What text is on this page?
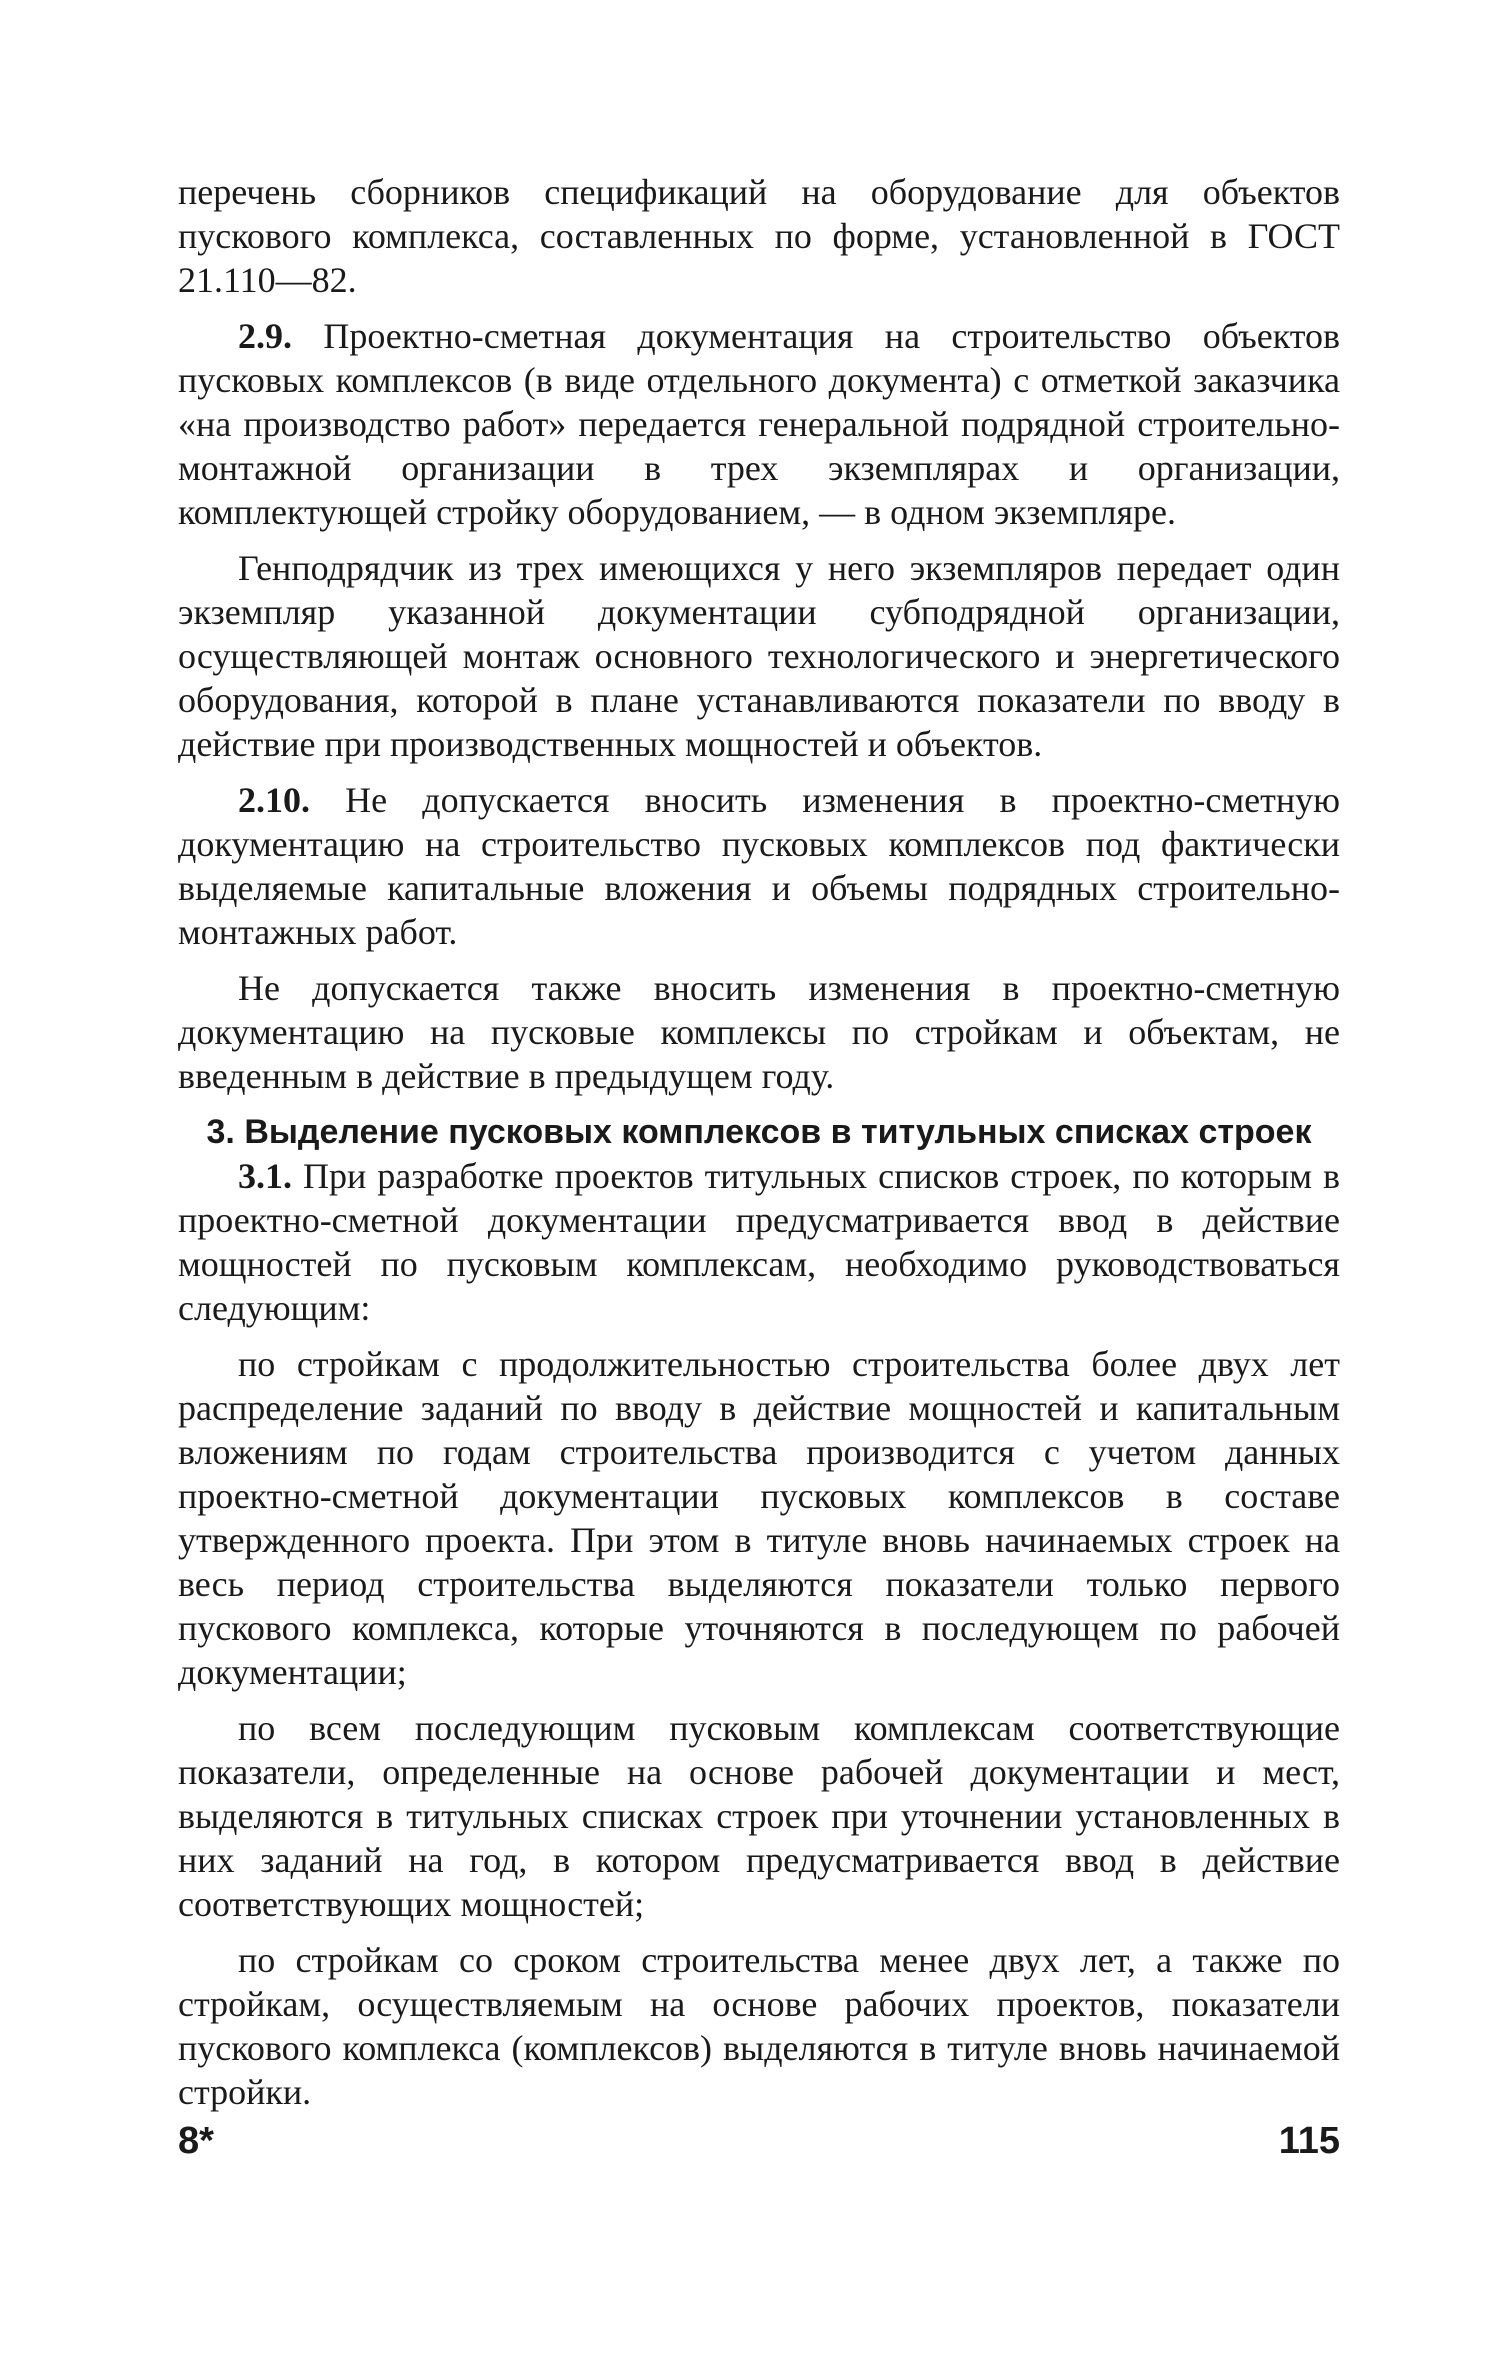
перечень сборников спецификаций на оборудование для объектов пускового комплекса, составленных по форме, установленной в ГОСТ 21.110—82.

2.9. Проектно-сметная документация на строительство объектов пусковых комплексов (в виде отдельного документа) с отметкой заказчика «на производство работ» передается генеральной подрядной строительно-монтажной организации в трех экземплярах и организации, комплектующей стройку оборудованием, — в одном экземпляре.

Генподрядчик из трех имеющихся у него экземпляров передает один экземпляр указанной документации субподрядной организации, осуществляющей монтаж основного технологического и энергетического оборудования, которой в плане устанавливаются показатели по вводу в действие при производственных мощностей и объектов.

2.10. Не допускается вносить изменения в проектно-сметную документацию на строительство пусковых комплексов под фактически выделяемые капитальные вложения и объемы подрядных строительно-монтажных работ.

Не допускается также вносить изменения в проектно-сметную документацию на пусковые комплексы по стройкам и объектам, не введенным в действие в предыдущем году.

3. Выделение пусковых комплексов в титульных списках строек

3.1. При разработке проектов титульных списков строек, по которым в проектно-сметной документации предусматривается ввод в действие мощностей по пусковым комплексам, необходимо руководствоваться следующим:

по стройкам с продолжительностью строительства более двух лет распределение заданий по вводу в действие мощностей и капитальным вложениям по годам строительства производится с учетом данных проектно-сметной документации пусковых комплексов в составе утвержденного проекта. При этом в титуле вновь начинаемых строек на весь период строительства выделяются показатели только первого пускового комплекса, которые уточняются в последующем по рабочей документации;

по всем последующим пусковым комплексам соответствующие показатели, определенные на основе рабочей документации и мест, выделяются в титульных списках строек при уточнении установленных в них заданий на год, в котором предусматривается ввод в действие соответствующих мощностей;

по стройкам со сроком строительства менее двух лет, а также по стройкам, осуществляемым на основе рабочих проектов, показатели пускового комплекса (комплексов) выделяются в титуле вновь начинаемой стройки.

8*	115
